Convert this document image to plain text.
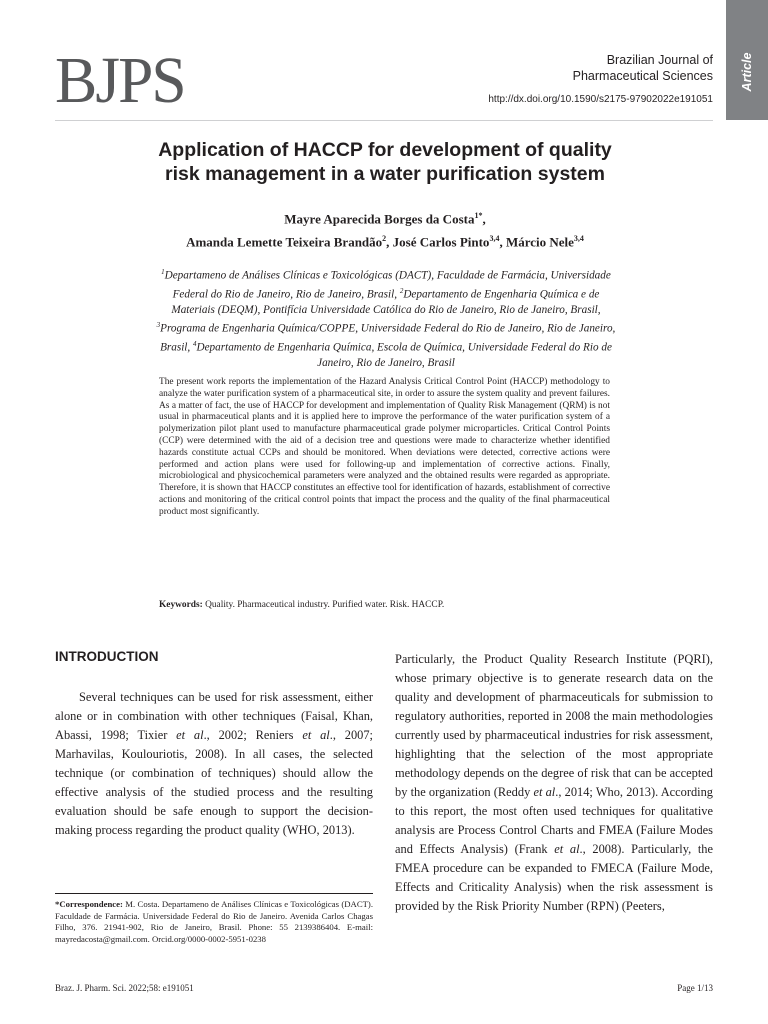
BJPS	Brazilian Journal of
Pharmaceutical Sciences
http://dx.doi.org/10.1590/s2175-97902022e191051
Article
Application of HACCP for development of quality
risk management in a water purification system
Mayre Aparecida Borges da Costa$^{1*}$,
Amanda Lemette Teixeira Brandão$^2$, José Carlos Pinto$^{3,4}$, Márcio Nele$^{3,4}$
$^1$Departameno de Análises Clínicas e Toxicológicas (DACT), Faculdade de Farmácia, Universidade Federal do Rio de Janeiro, Rio de Janeiro, Brasil, $^2$Departamento de Engenharia Química e de Materiais (DEQM), Pontifícia Universidade Católica do Rio de Janeiro, Rio de Janeiro, Brasil, $^3$Programa de Engenharia Química/COPPE, Universidade Federal do Rio de Janeiro, Rio de Janeiro, Brasil, $^4$Departamento de Engenharia Química, Escola de Química, Universidade Federal do Rio de Janeiro, Rio de Janeiro, Brasil
The present work reports the implementation of the Hazard Analysis Critical Control Point (HACCP) methodology to analyze the water purification system of a pharmaceutical site, in order to assure the system quality and prevent failures. As a matter of fact, the use of HACCP for development and implementation of Quality Risk Management (QRM) is not usual in pharmaceutical plants and it is applied here to improve the performance of the water purification system of a polymerization pilot plant used to manufacture pharmaceutical grade polymer microparticles. Critical Control Points (CCP) were determined with the aid of a decision tree and questions were made to characterize whether identified hazards constitute actual CCPs and should be monitored. When deviations were detected, corrective actions were performed and action plans were used for following-up and implementation of corrective actions. Finally, microbiological and physicochemical parameters were analyzed and the obtained results were regarded as appropriate. Therefore, it is shown that HACCP constitutes an effective tool for identification of hazards, establishment of corrective actions and monitoring of the critical control points that impact the process and the quality of the final pharmaceutical product most significantly.
Keywords: Quality. Pharmaceutical industry. Purified water. Risk. HACCP.
INTRODUCTION
Several techniques can be used for risk assessment, either alone or in combination with other techniques (Faisal, Khan, Abassi, 1998; Tixier et al., 2002; Reniers et al., 2007; Marhavilas, Koulouriotis, 2008). In all cases, the selected technique (or combination of techniques) should allow the effective analysis of the studied process and the resulting evaluation should be safe enough to support the decision-making process regarding the product quality (WHO, 2013).
Particularly, the Product Quality Research Institute (PQRI), whose primary objective is to generate research data on the quality and development of pharmaceuticals for submission to regulatory authorities, reported in 2008 the main methodologies currently used by pharmaceutical industries for risk assessment, highlighting that the selection of the most appropriate methodology depends on the degree of risk that can be accepted by the organization (Reddy et al., 2014; Who, 2013). According to this report, the most often used techniques for qualitative analysis are Process Control Charts and FMEA (Failure Modes and Effects Analysis) (Frank et al., 2008). Particularly, the FMEA procedure can be expanded to FMECA (Failure Mode, Effects and Criticality Analysis) when the risk assessment is provided by the Risk Priority Number (RPN) (Peeters,
*Correspondence: M. Costa. Departameno de Análises Clínicas e Toxicológicas (DACT). Faculdade de Farmácia. Universidade Federal do Rio de Janeiro. Avenida Carlos Chagas Filho, 376. 21941-902, Rio de Janeiro, Brasil. Phone: 55 2139386404. E-mail: mayredacosta@gmail.com. Orcid.org/0000-0002-5951-0238
Braz. J. Pharm. Sci. 2022;58: e191051	Page 1/13
